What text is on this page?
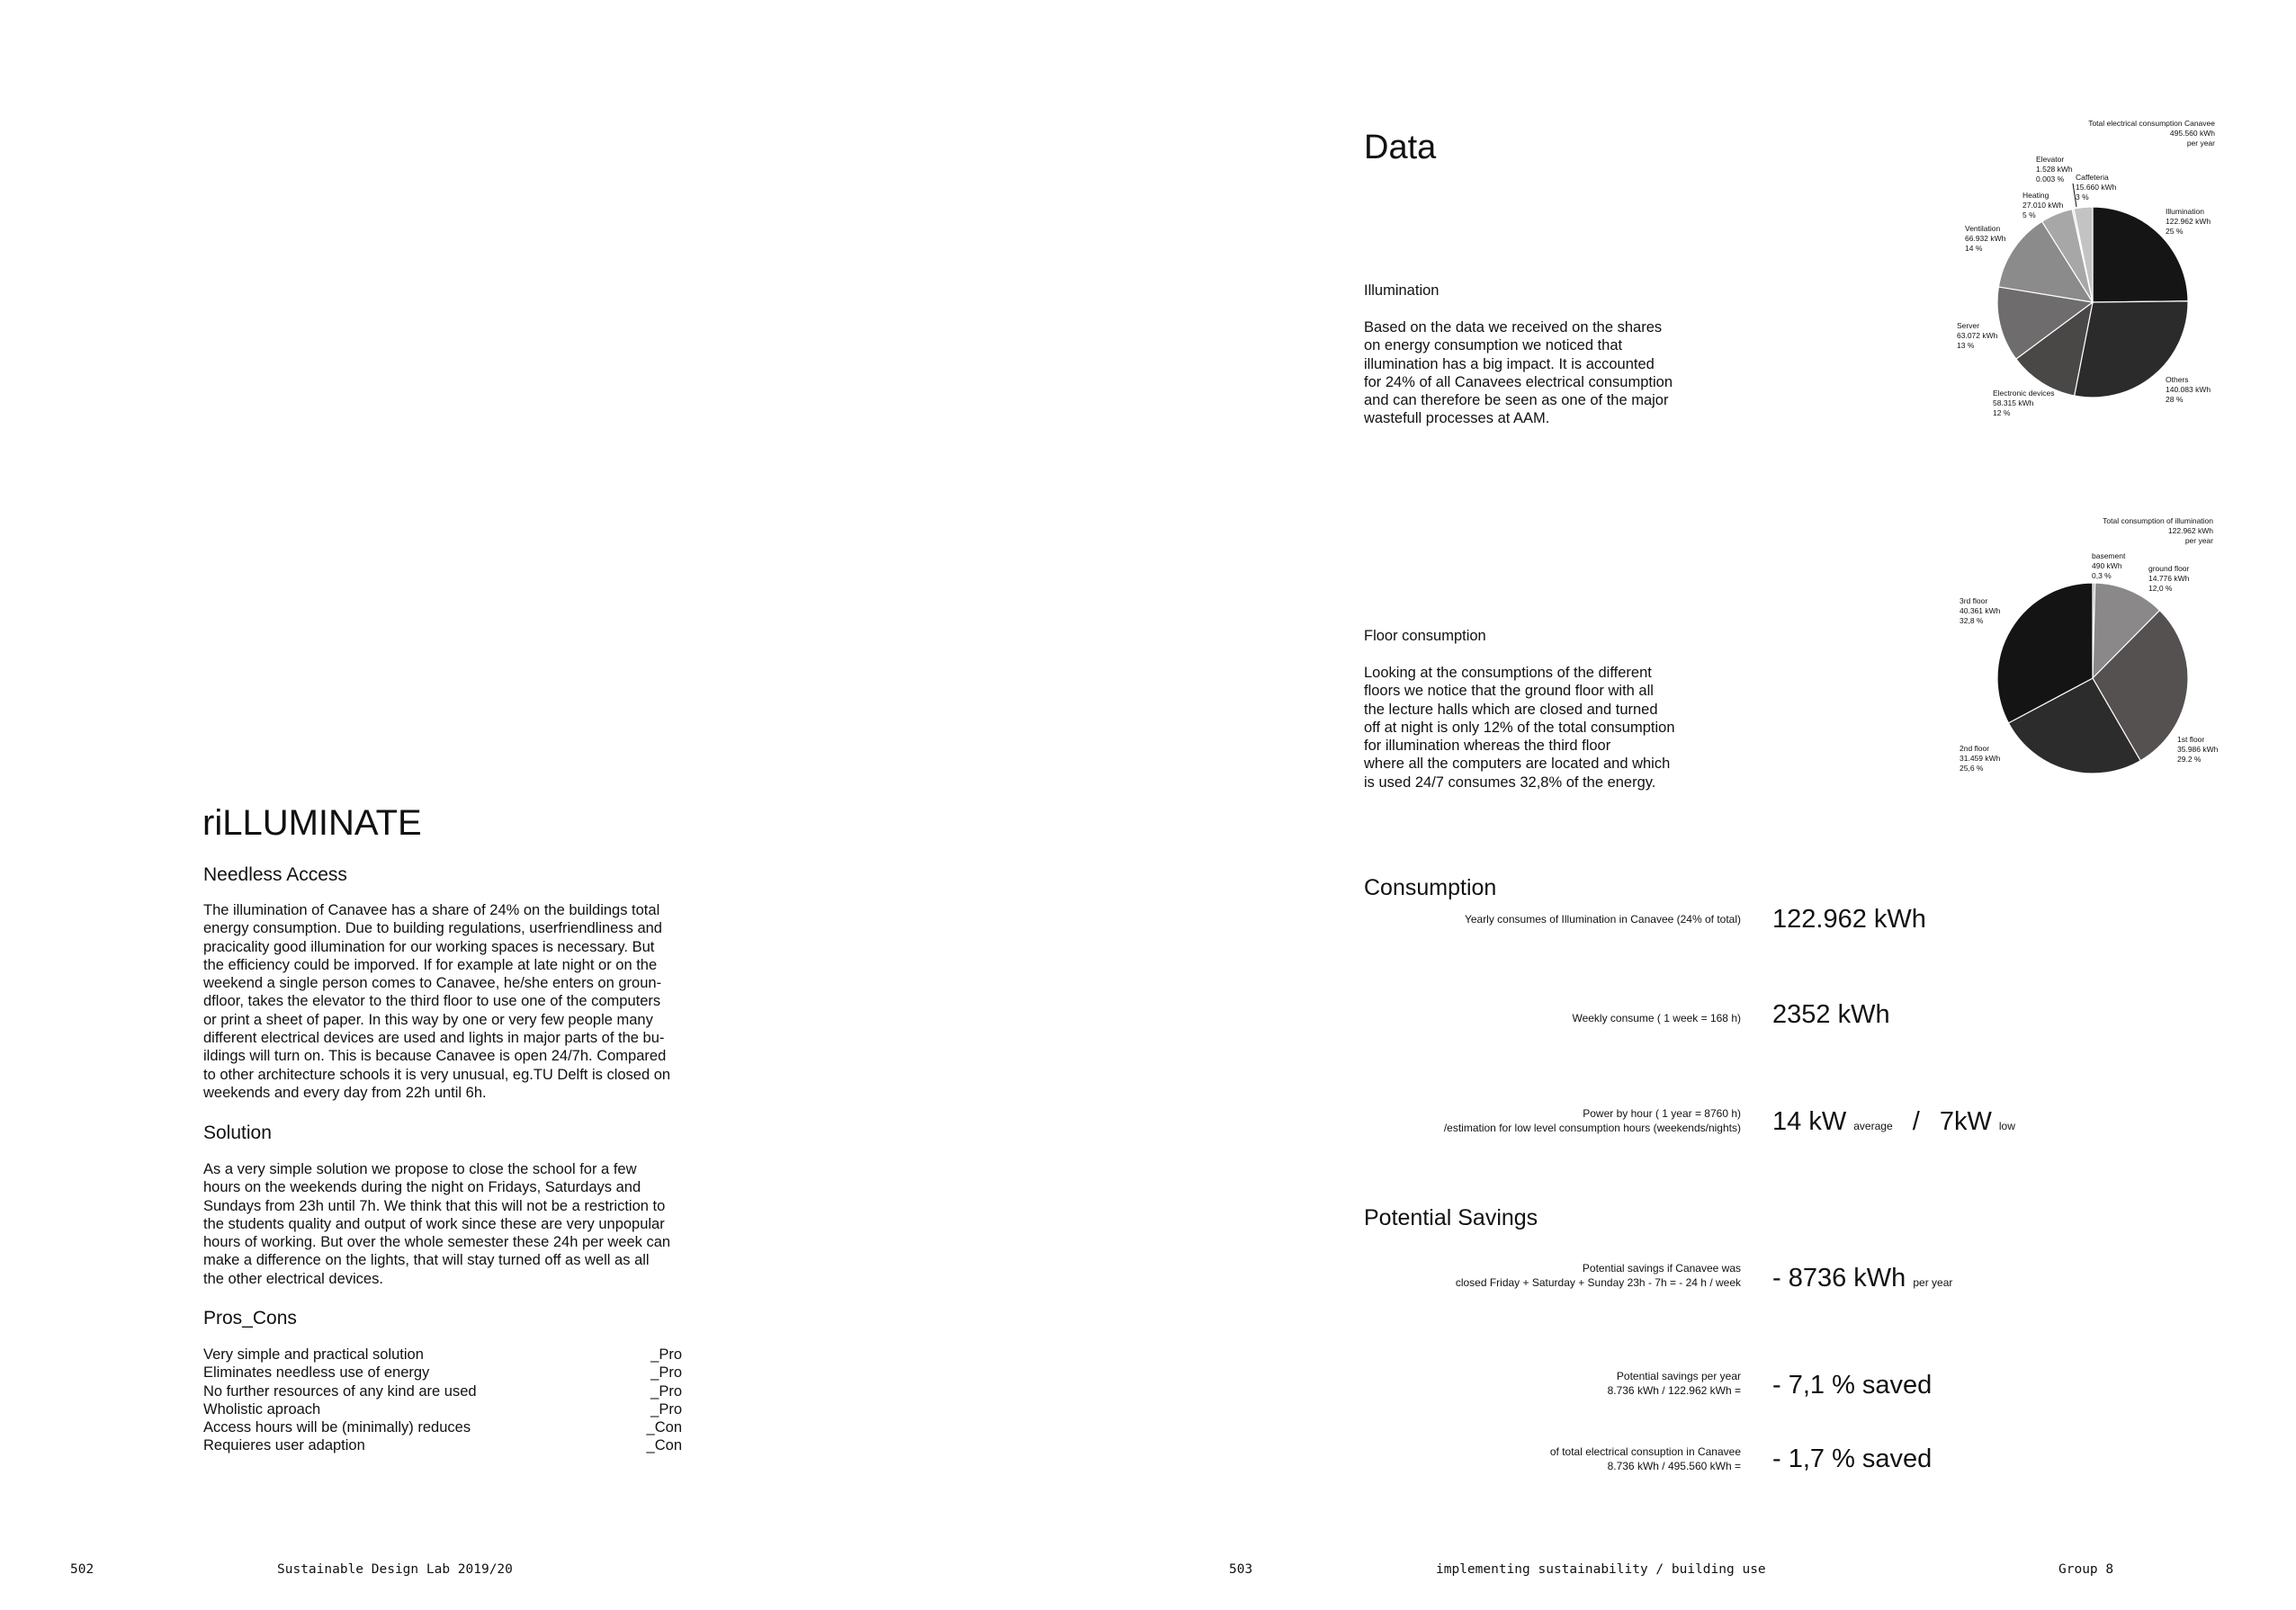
riLLUMINATE
Needless Access
The illumination of Canavee has a share of 24% on the buildings total
energy consumption. Due to building regulations, userfriendliness and
pracicality good illumination for our working spaces is necessary. But
the efficiency could be imporved. If for example at late night or on the
weekend a single person comes to Canavee, he/she enters on groun-
dfloor, takes the elevator to the third floor to use one of the computers
or print a sheet of paper. In this way by one or very few people many
different electrical devices are used and lights in major parts of the bu-
ildings will turn on. This is because Canavee is open 24/7h. Compared
to other architecture schools it is very unusual, eg.TU Delft is closed on
weekends and every day from 22h until 6h.
Solution
As a very simple solution we propose to close the school for a few
hours on the weekends during the night on Fridays, Saturdays and
Sundays from 23h until 7h. We think that this will not be a restriction to
the students quality and output of work since these are very unpopular
hours of working. But over the whole semester these 24h per week can
make a difference on the lights, that will stay turned off as well as all
the other electrical devices.
Pros_Cons
Very simple and practical solution	_Pro
Eliminates needless use of energy	_Pro
No further resources of any kind are used	_Pro
Wholistic aproach	_Pro
Access hours will be (minimally) reduces	_Con
Requieres user adaption	_Con
Data
Illumination
Based on the data we received on the shares
on energy consumption we noticed that
illumination has a big impact. It is accounted
for 24% of all Canavees electrical consumption
and can therefore be seen as one of the major
wastefull processes at AAM.
Floor consumption
Looking at the consumptions of the different
floors we notice that the ground floor with all
the lecture halls which are closed and turned
off at night is only 12% of the total consumption
for illumination whereas the third floor
where all the computers are located and which
is used 24/7 consumes 32,8% of the energy.
Total electrical consumption Canavee
495.560 kWh
per year
Illumination
122.962 kWh
25 %
Others
140.083 kWh
28 %
Electronic devices
58.315 kWh
12 %
Server
63.072 kWh
13 %
Ventilation
66.932 kWh
14 %
Heating
27.010 kWh
5 %
Elevator
1.528 kWh
0.003 % Caffeteria
15.660 kWh
3 %
Total consumption of illumination
122.962 kWh
per year
basement
490 kWh
0,3 %
ground floor
14.776 kWh
12,0 %
1st floor
35.986 kWh
29.2 %
2nd floor
31.459 kWh
25,6 %
3rd floor
40.361 kWh
32,8 %
Consumption
Yearly consumes of Illumination in Canavee (24% of total) 122.962 kWh
Weekly consume ( 1 week = 168 h) 2352 kWh
Power by hour ( 1 year = 8760 h)
/estimation for low level consumption hours (weekends/nights) 14 kW average / 7kW low
Potential Savings
Potential savings if Canavee was
closed Friday + Saturday + Sunday 23h - 7h = - 24 h / week - 8736 kWh per year
Potential savings per year
8.736 kWh / 122.962 kWh = - 7,1 % saved
of total electrical consuption in Canavee
8.736 kWh / 495.560 kWh = - 1,7 % saved
502	Sustainable Design Lab 2019/20	503	implementing sustainability / building use	Group 8
